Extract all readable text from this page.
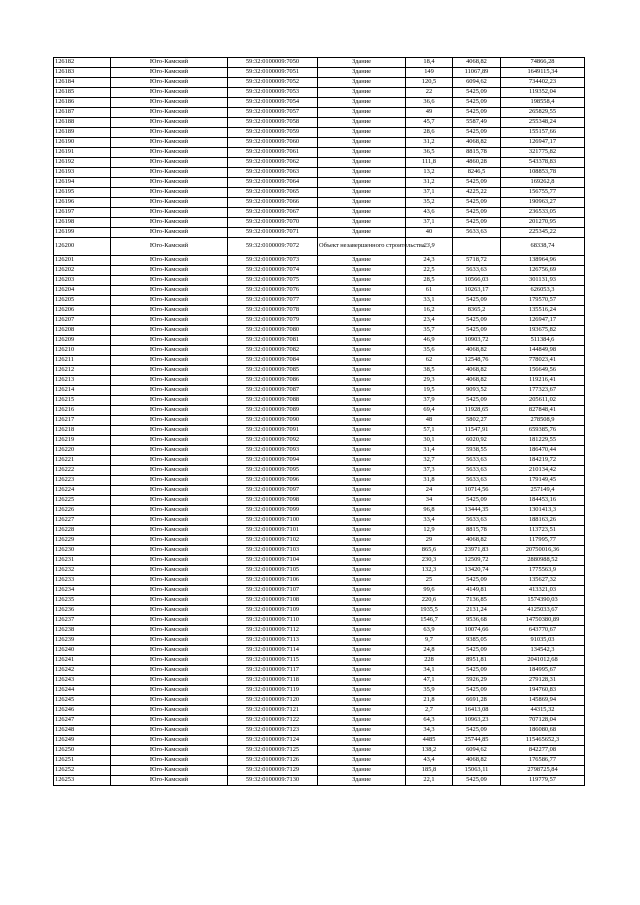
126182	Юго-Камский	59:32:0100009:7050	Здание	18,4	4068,82	74866,28
126183	Юго-Камский	59:32:0100009:7051	Здание	149	11067,89	1649115,34
126184	Юго-Камский	59:32:0100009:7052	Здание	120,5	6094,62	734402,23
126185	Юго-Камский	59:32:0100009:7053	Здание	22	5425,09	119352,04
126186	Юго-Камский	59:32:0100009:7054	Здание	36,6	5425,09	198558,4
126187	Юго-Камский	59:32:0100009:7057	Здание	49	5425,09	265829,55
126188	Юго-Камский	59:32:0100009:7058	Здание	45,7	5587,49	255348,24
126189	Юго-Камский	59:32:0100009:7059	Здание	28,6	5425,09	155157,66
126190	Юго-Камский	59:32:0100009:7060	Здание	31,2	4068,82	126947,17
126191	Юго-Камский	59:32:0100009:7061	Здание	36,5	8815,78	321775,82
126192	Юго-Камский	59:32:0100009:7062	Здание	111,8	4860,28	543378,83
126193	Юго-Камский	59:32:0100009:7063	Здание	13,2	8246,5	108853,78
126194	Юго-Камский	59:32:0100009:7064	Здание	31,2	5425,09	169262,8
126195	Юго-Камский	59:32:0100009:7065	Здание	37,1	4225,22	156755,77
126196	Юго-Камский	59:32:0100009:7066	Здание	35,2	5425,09	190963,27
126197	Юго-Камский	59:32:0100009:7067	Здание	43,6	5425,09	236533,05
126198	Юго-Камский	59:32:0100009:7070	Здание	37,1	5425,09	201270,95
126199	Юго-Камский	59:32:0100009:7071	Здание	40	5633,63	225345,22
126200	Юго-Камский	59:32:0100009:7072	Объект незавершенного строительства	23,9		68338,74
126201	Юго-Камский	59:32:0100009:7073	Здание	24,3	5718,72	138964,96
126202	Юго-Камский	59:32:0100009:7074	Здание	22,5	5633,63	126756,69
126203	Юго-Камский	59:32:0100009:7075	Здание	28,5	10566,03	301131,93
126204	Юго-Камский	59:32:0100009:7076	Здание	61	10263,17	626053,3
126205	Юго-Камский	59:32:0100009:7077	Здание	33,1	5425,09	179570,57
126206	Юго-Камский	59:32:0100009:7078	Здание	16,2	8365,2	135516,24
126207	Юго-Камский	59:32:0100009:7079	Здание	23,4	5425,09	126947,17
126208	Юго-Камский	59:32:0100009:7080	Здание	35,7	5425,09	193675,82
126209	Юго-Камский	59:32:0100009:7081	Здание	46,9	10903,72	511384,6
126210	Юго-Камский	59:32:0100009:7082	Здание	35,6	4068,82	144849,98
126211	Юго-Камский	59:32:0100009:7084	Здание	62	12548,76	778023,41
126212	Юго-Камский	59:32:0100009:7085	Здание	38,5	4068,82	156649,56
126213	Юго-Камский	59:32:0100009:7086	Здание	29,3	4068,82	119216,41
126214	Юго-Камский	59:32:0100009:7087	Здание	19,5	9093,52	177323,67
126215	Юго-Камский	59:32:0100009:7088	Здание	37,9	5425,09	205611,02
126216	Юго-Камский	59:32:0100009:7089	Здание	69,4	11928,65	827848,41
126217	Юго-Камский	59:32:0100009:7090	Здание	48	5802,27	278508,9
126218	Юго-Камский	59:32:0100009:7091	Здание	57,1	11547,91	659385,76
126219	Юго-Камский	59:32:0100009:7092	Здание	30,1	6020,92	181229,55
126220	Юго-Камский	59:32:0100009:7093	Здание	31,4	5938,55	186470,44
126221	Юго-Камский	59:32:0100009:7094	Здание	32,7	5633,63	184219,72
126222	Юго-Камский	59:32:0100009:7095	Здание	37,3	5633,63	210134,42
126223	Юго-Камский	59:32:0100009:7096	Здание	31,8	5633,63	179149,45
126224	Юго-Камский	59:32:0100009:7097	Здание	24	10714,56	257149,4
126225	Юго-Камский	59:32:0100009:7098	Здание	34	5425,09	184453,16
126226	Юго-Камский	59:32:0100009:7099	Здание	96,8	13444,35	1301413,3
126227	Юго-Камский	59:32:0100009:7100	Здание	33,4	5633,63	188163,26
126228	Юго-Камский	59:32:0100009:7101	Здание	12,9	8815,78	113723,51
126229	Юго-Камский	59:32:0100009:7102	Здание	29	4068,82	117995,77
126230	Юго-Камский	59:32:0100009:7103	Здание	865,6	23971,83	20750016,36
126231	Юго-Камский	59:32:0100009:7104	Здание	230,3	12509,72	2880988,52
126232	Юго-Камский	59:32:0100009:7105	Здание	132,3	13420,74	1775563,9
126233	Юго-Камский	59:32:0100009:7106	Здание	25	5425,09	135627,32
126234	Юго-Камский	59:32:0100009:7107	Здание	99,6	4149,81	413321,03
126235	Юго-Камский	59:32:0100009:7108	Здание	220,6	7136,85	1574390,03
126236	Юго-Камский	59:32:0100009:7109	Здание	1935,5	2131,24	4125033,67
126237	Юго-Камский	59:32:0100009:7110	Здание	1546,7	9536,68	14750380,89
126238	Юго-Камский	59:32:0100009:7112	Здание	63,9	10074,66	643770,67
126239	Юго-Камский	59:32:0100009:7113	Здание	9,7	9385,05	91035,03
126240	Юго-Камский	59:32:0100009:7114	Здание	24,8	5425,09	134542,3
126241	Юго-Камский	59:32:0100009:7115	Здание	228	8951,81	2041012,68
126242	Юго-Камский	59:32:0100009:7117	Здание	34,1	5425,09	184995,67
126243	Юго-Камский	59:32:0100009:7118	Здание	47,1	5926,29	279128,31
126244	Юго-Камский	59:32:0100009:7119	Здание	35,9	5425,09	194760,83
126245	Юго-Камский	59:32:0100009:7120	Здание	21,8	6691,28	145869,94
126246	Юго-Камский	59:32:0100009:7121	Здание	2,7	16413,08	44315,32
126247	Юго-Камский	59:32:0100009:7122	Здание	64,3	10963,23	707128,04
126248	Юго-Камский	59:32:0100009:7123	Здание	34,3	5425,09	186080,68
126249	Юго-Камский	59:32:0100009:7124	Здание	4485	25744,85	115465652,3
126250	Юго-Камский	59:32:0100009:7125	Здание	138,2	6094,62	842277,08
126251	Юго-Камский	59:32:0100009:7126	Здание	43,4	4068,82	176586,77
126252	Юго-Камский	59:32:0100009:7129	Здание	185,8	15063,11	2798725,84
126253	Юго-Камский	59:32:0100009:7130	Здание	22,1	5425,09	119779,57
